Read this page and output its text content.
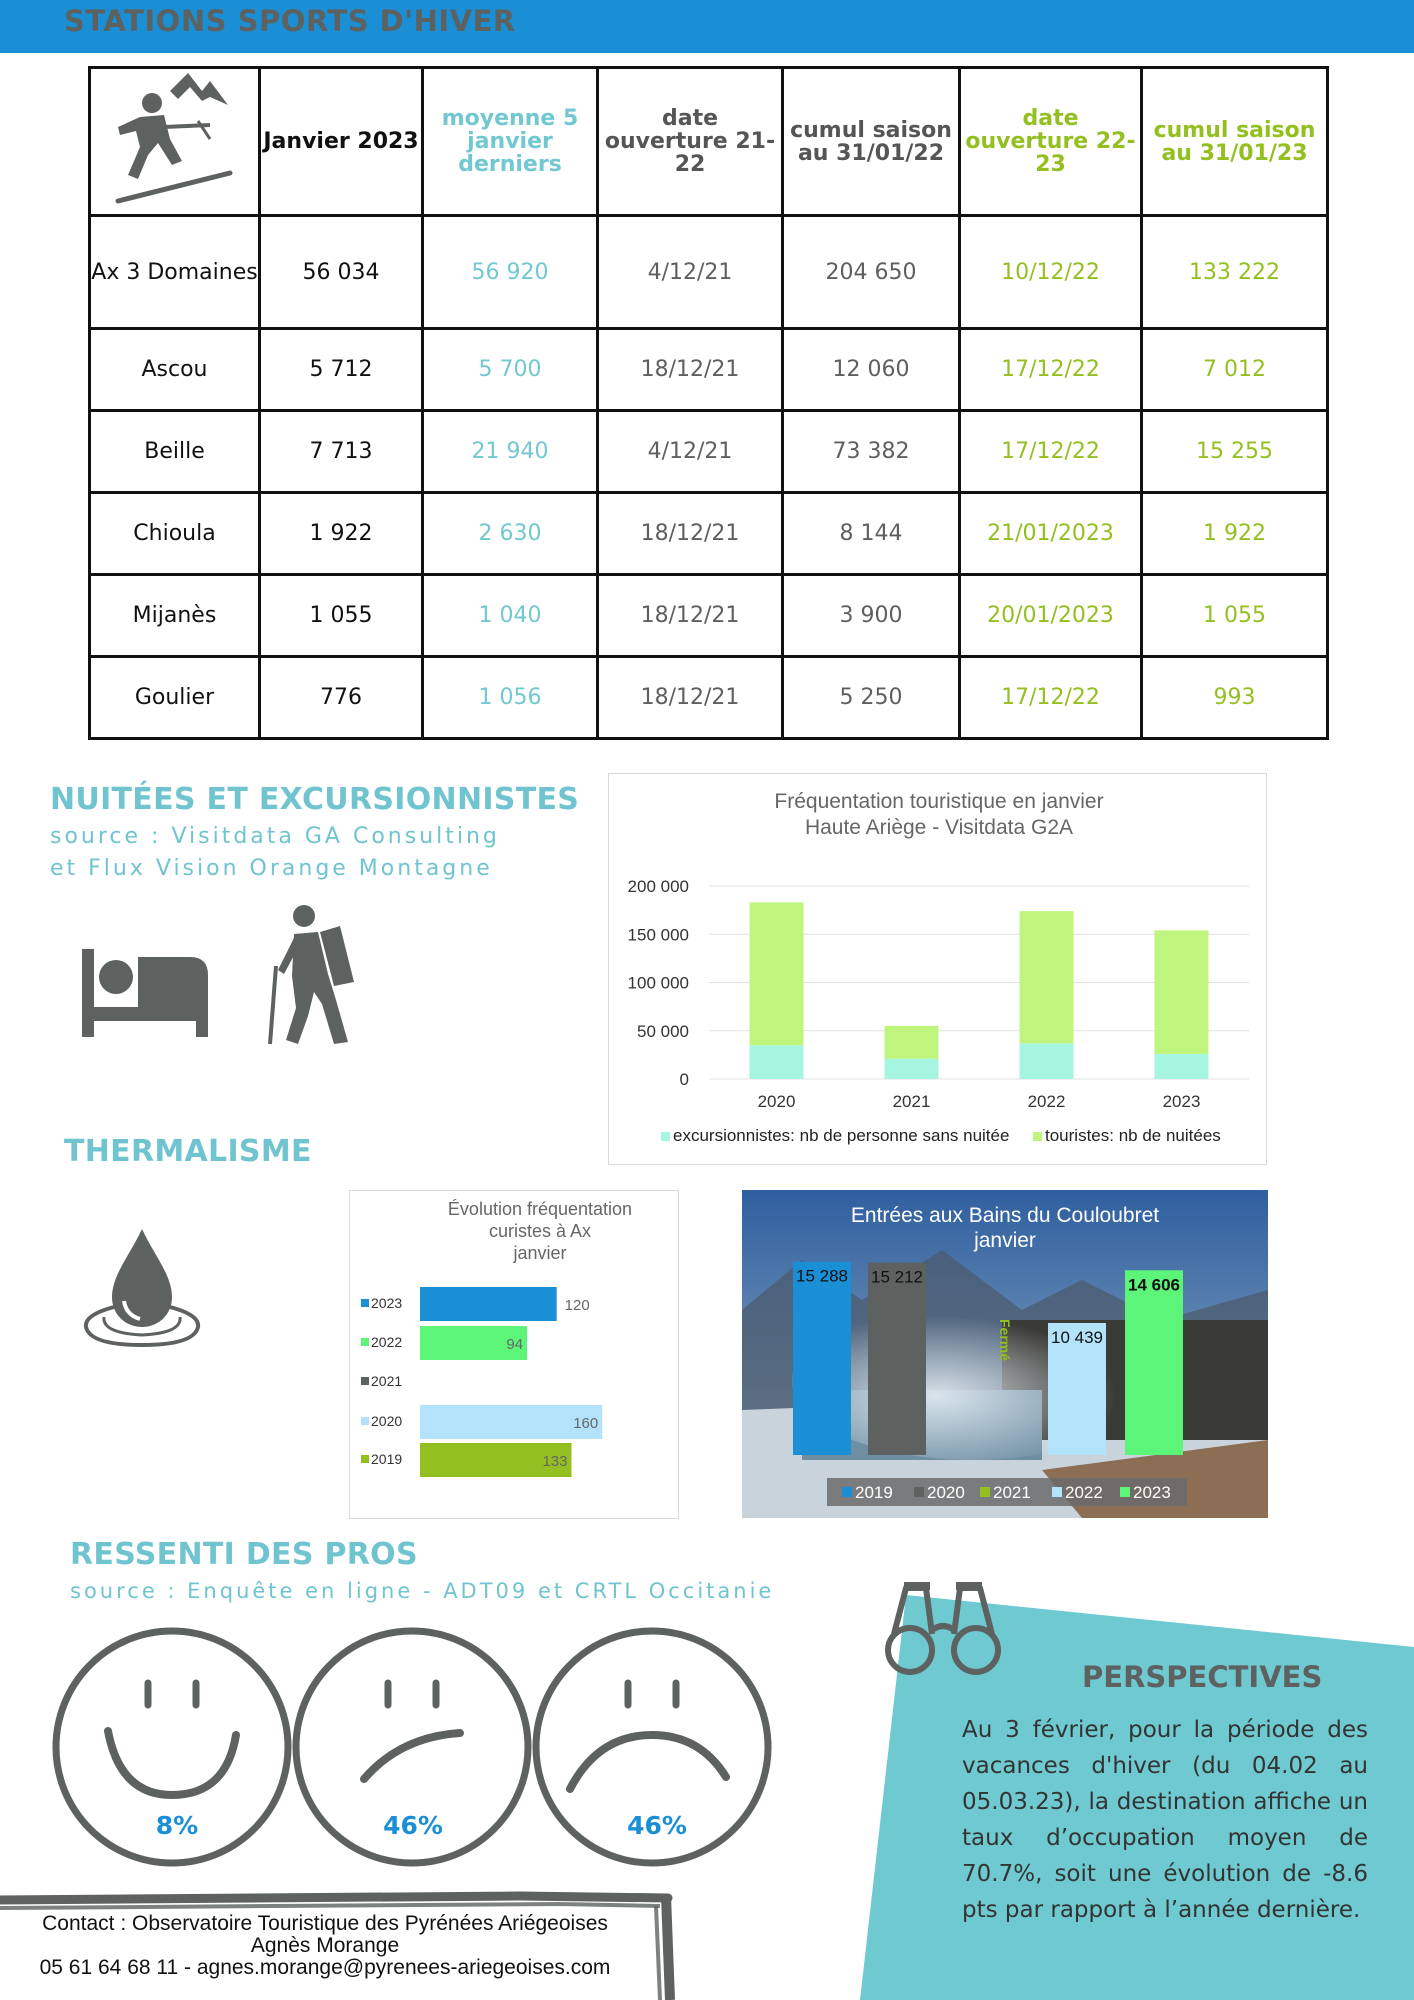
STATIONS SPORTS D'HIVER
	Janvier 2023	moyenne 5 janvier derniers	date ouverture 21-22	cumul saison au 31/01/22	date ouverture 22-23	cumul saison au 31/01/23
Ax 3 Domaines	56 034	56 920	4/12/21	204 650	10/12/22	133 222
Ascou	5 712	5 700	18/12/21	12 060	17/12/22	7 012
Beille	7 713	21 940	4/12/21	73 382	17/12/22	15 255
Chioula	1 922	2 630	18/12/21	8 144	21/01/2023	1 922
Mijanès	1 055	1 040	18/12/21	3 900	20/01/2023	1 055
Goulier	776	1 056	18/12/21	5 250	17/12/22	993
NUITÉES ET EXCURSIONNISTES
source : Visitdata GA Consulting
et Flux Vision Orange Montagne
Fréquentation touristique en janvier
Haute Ariège - Visitdata G2A
200 000
150 000
100 000
50 000
0
2020	2021	2022	2023
excursionnistes: nb de personne sans nuitée touristes: nb de nuitées
THERMALISME
Évolution fréquentation
curistes à Ax
janvier
2023	120
2022	94
2021
2020	160
2019	133
Entrées aux Bains du Couloubret
janvier
15 288 15 212
10 439
14 606
Fermé
2019 2020 2021 2022 2023
RESSENTI DES PROS
source : Enquête en ligne - ADT09 et CRTL Occitanie
8%	46%	46%
PERSPECTIVES
Au 3 février, pour la période des vacances d'hiver (du 04.02 au 05.03.23), la destination affiche un taux d’occupation moyen de 70.7%, soit une évolution de -8.6 pts par rapport à l’année dernière.
Contact : Observatoire Touristique des Pyrénées Ariégeoises
Agnès Morange
05 61 64 68 11 - agnes.morange@pyrenees-ariegeoises.com
